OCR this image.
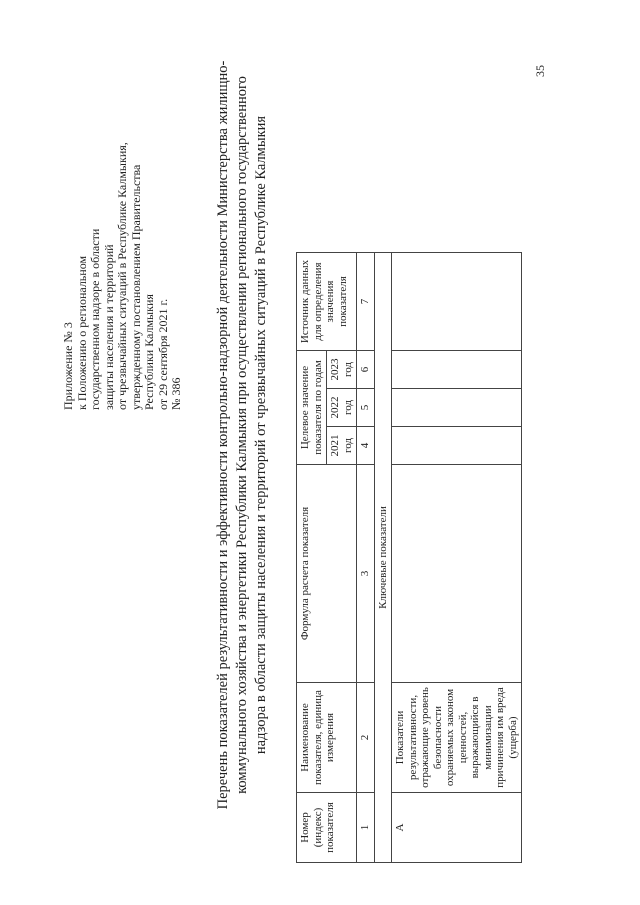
Приложение № 3 к Положению о региональном государственном надзоре в области защиты населения и территорий от чрезвычайных ситуаций в Республике Калмыкия, утвержденному постановлением Правительства Республики Калмыкия от 29 сентября 2021 г. № 386 Перечень показателей результативности и эффективности контрольно-надзорной деятельности Министерства жилищно- коммунального хозяйства и энергетики Республики Калмыкия при осуществлении регионального государственного надзора в области защиты населения и территорий от чрезвычайных ситуаций в Республике Калмыкия
Номер (индекс) показателя	Наименование показателя, единица измерения	Формула расчета показателя	Целевое значение показателя по годам			Источник данных для определения значения показателя
			2021 год	2022 год	2023 год	
1	2	3	4	5	6	7
Ключевые показатели						
А	Показатели результативности, отражающие уровень безопасности охраняемых законом ценностей, выражающийся в минимизации причинения им вреда (ущерба)					
35
